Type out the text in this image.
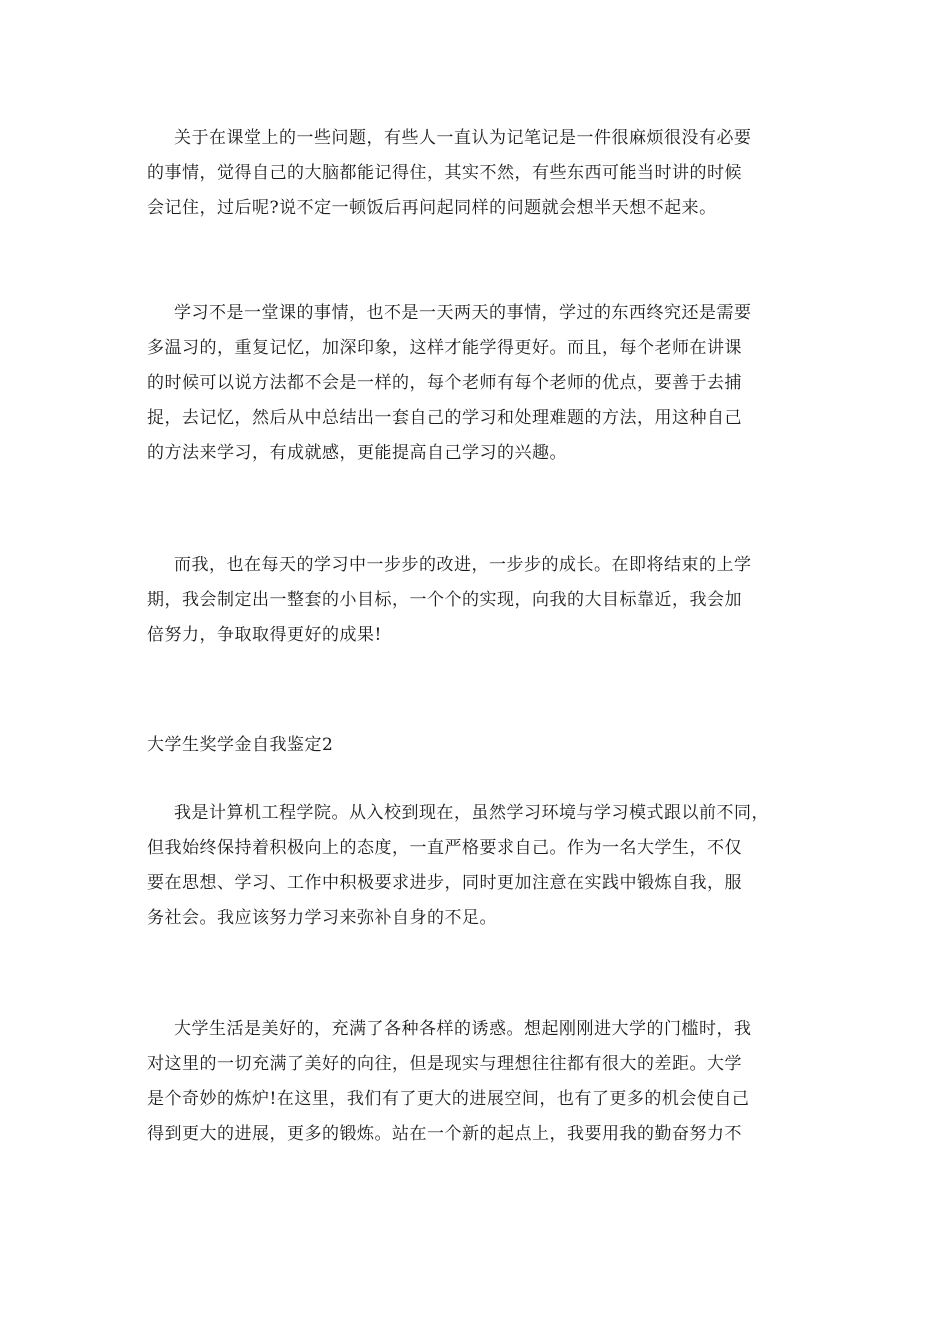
关于在课堂上的一些问题，有些人一直认为记笔记是一件很麻烦很没有必要
的事情，觉得自己的大脑都能记得住，其实不然，有些东西可能当时讲的时候
会记住，过后呢?说不定一顿饭后再问起同样的问题就会想半天想不起来。

学习不是一堂课的事情，也不是一天两天的事情，学过的东西终究还是需要
多温习的，重复记忆，加深印象，这样才能学得更好。而且，每个老师在讲课
的时候可以说方法都不会是一样的，每个老师有每个老师的优点，要善于去捕
捉，去记忆，然后从中总结出一套自己的学习和处理难题的方法，用这种自己
的方法来学习，有成就感，更能提高自己学习的兴趣。

而我，也在每天的学习中一步步的改进，一步步的成长。在即将结束的上学
期，我会制定出一整套的小目标，一个个的实现，向我的大目标靠近，我会加
倍努力，争取取得更好的成果!

大学生奖学金自我鉴定2

我是计算机工程学院。从入校到现在，虽然学习环境与学习模式跟以前不同，
但我始终保持着积极向上的态度，一直严格要求自己。作为一名大学生，不仅
要在思想、学习、工作中积极要求进步，同时更加注意在实践中锻炼自我，服
务社会。我应该努力学习来弥补自身的不足。

大学生活是美好的，充满了各种各样的诱惑。想起刚刚进大学的门槛时，我
对这里的一切充满了美好的向往，但是现实与理想往往都有很大的差距。大学
是个奇妙的炼炉!在这里，我们有了更大的进展空间，也有了更多的机会使自己
得到更大的进展，更多的锻炼。站在一个新的起点上，我要用我的勤奋努力不
